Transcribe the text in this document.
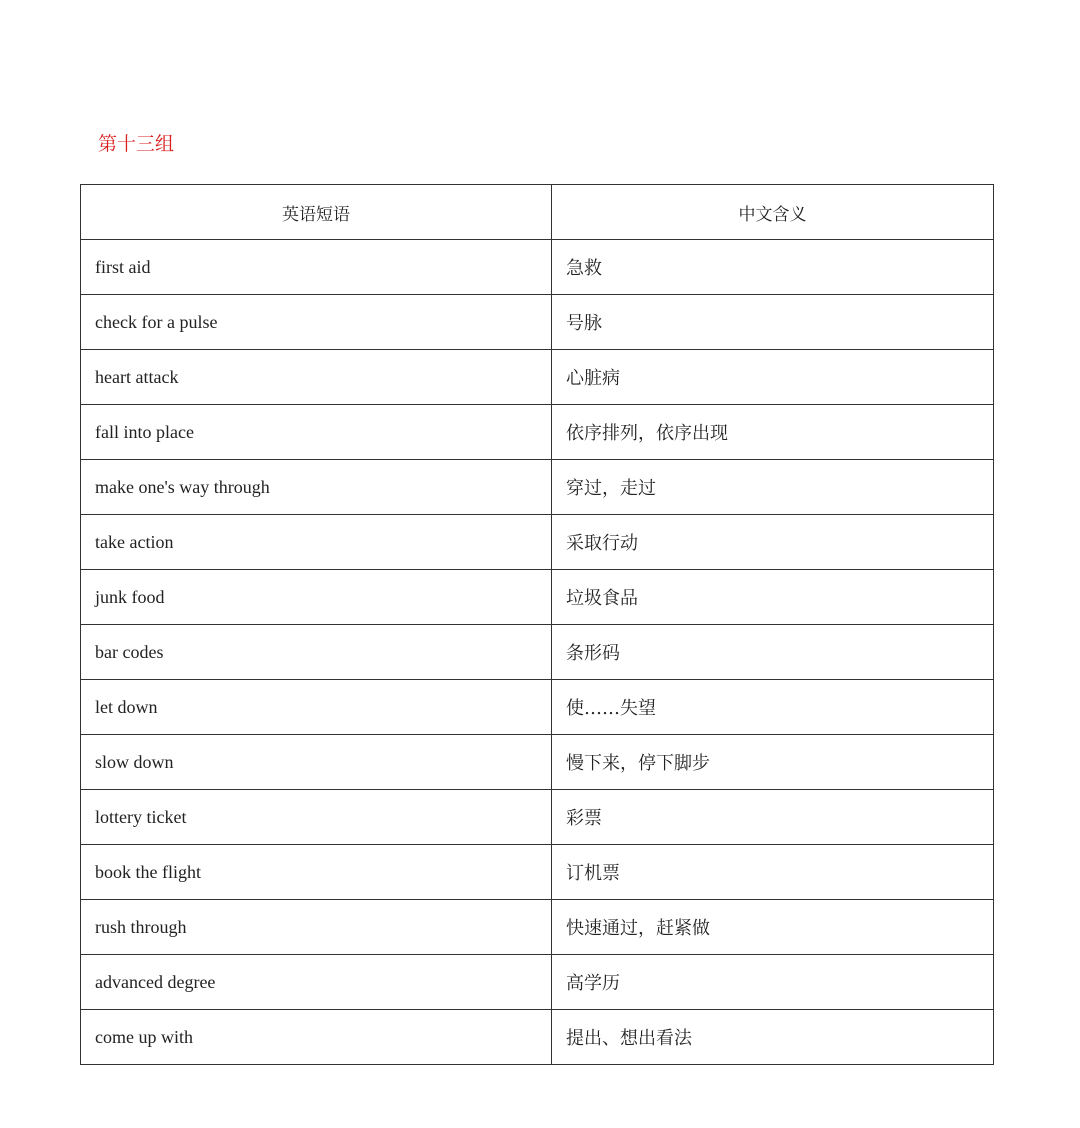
第十三组
英语短语	中文含义
first aid	急救
check for a pulse	号脉
heart attack	心脏病
fall into place	依序排列，依序出现
make one's way through	穿过，走过
take action	采取行动
junk food	垃圾食品
bar codes	条形码
let down	使……失望
slow down	慢下来，停下脚步
lottery ticket	彩票
book the flight	订机票
rush through	快速通过，赶紧做
advanced degree	高学历
come up with	提出、想出看法
